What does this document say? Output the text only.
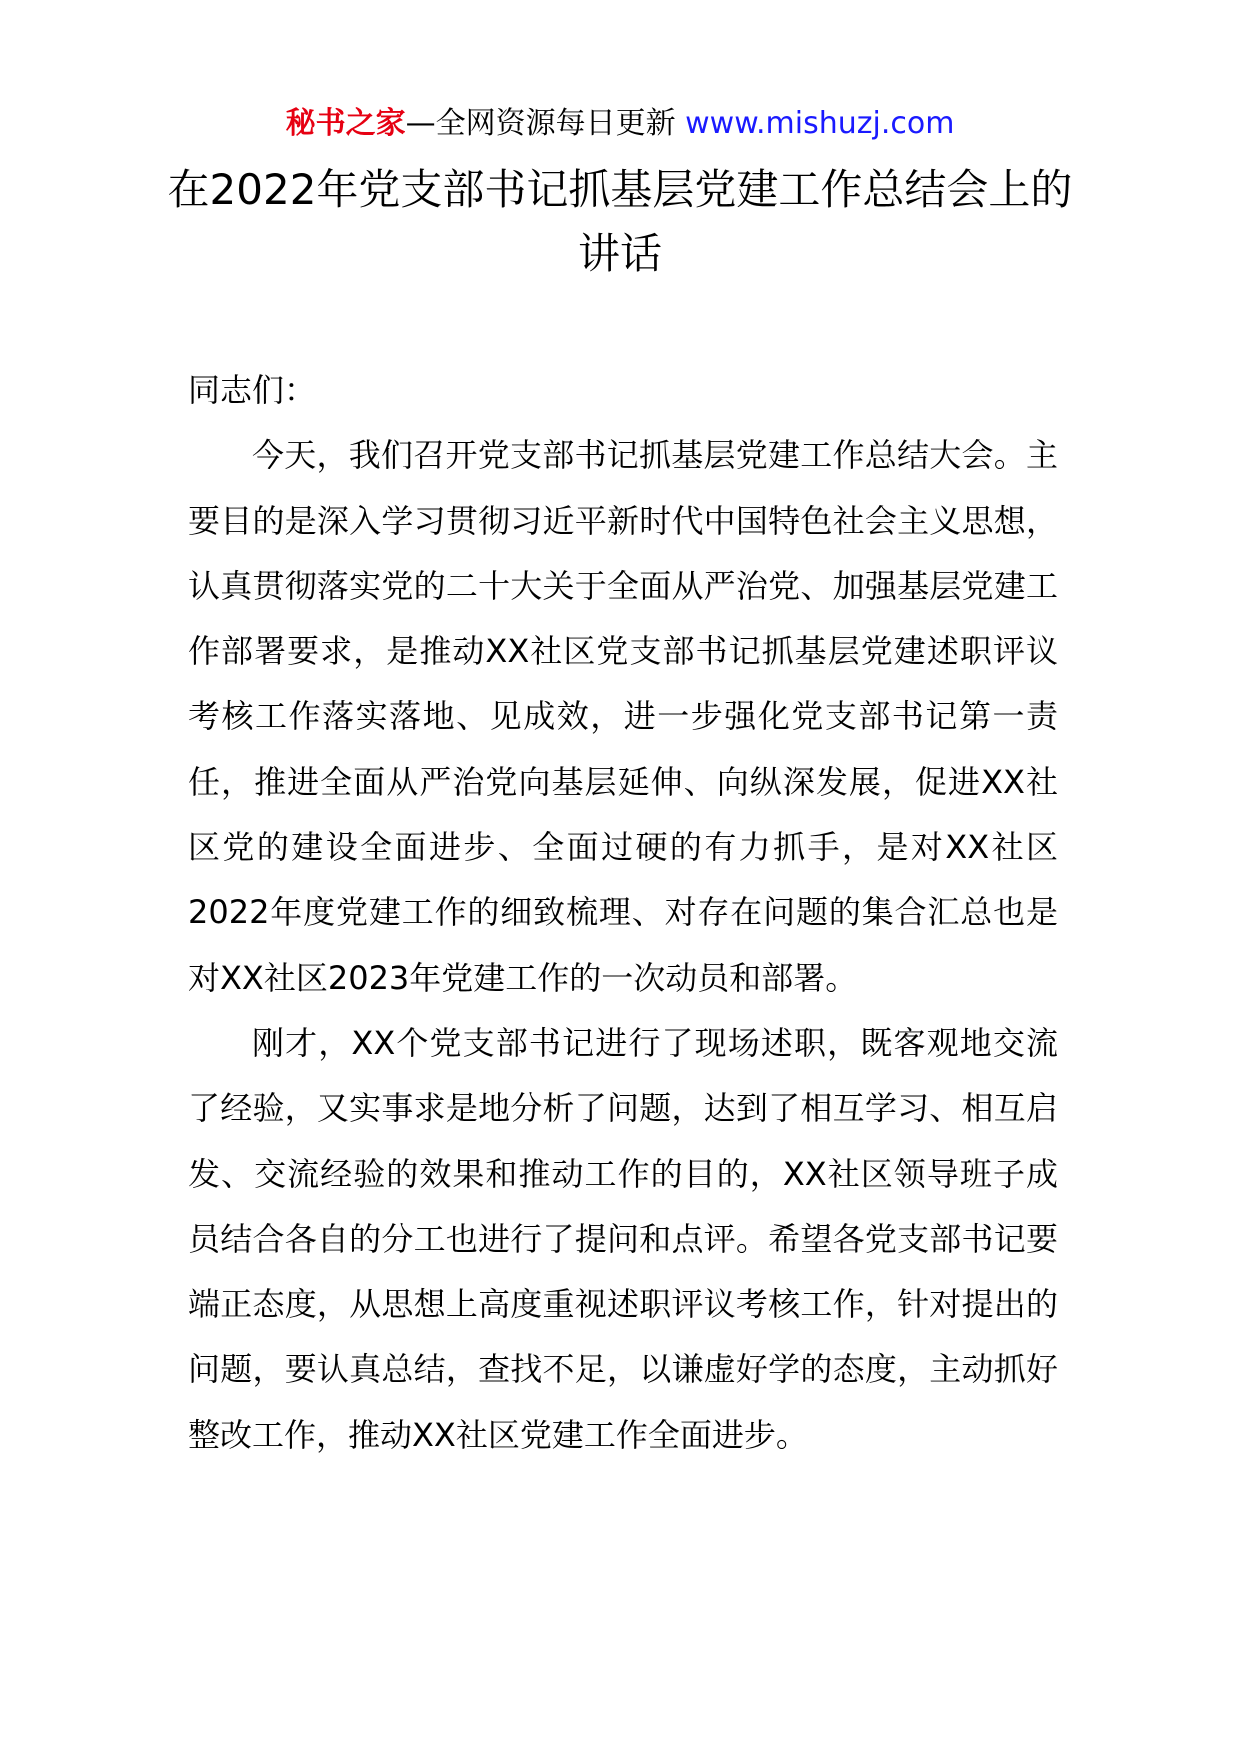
秘书之家—全网资源每日更新 www.mishuzj.com
在2022年党支部书记抓基层党建工作总结会上的讲话

同志们：

今天，我们召开党支部书记抓基层党建工作总结大会。主要目的是深入学习贯彻习近平新时代中国特色社会主义思想，认真贯彻落实党的二十大关于全面从严治党、加强基层党建工作部署要求，是推动XX社区党支部书记抓基层党建述职评议考核工作落实落地、见成效，进一步强化党支部书记第一责任，推进全面从严治党向基层延伸、向纵深发展，促进XX社区党的建设全面进步、全面过硬的有力抓手，是对XX社区2022年度党建工作的细致梳理、对存在问题的集合汇总也是对XX社区2023年党建工作的一次动员和部署。

刚才，XX个党支部书记进行了现场述职，既客观地交流了经验，又实事求是地分析了问题，达到了相互学习、相互启发、交流经验的效果和推动工作的目的，XX社区领导班子成员结合各自的分工也进行了提问和点评。希望各党支部书记要端正态度，从思想上高度重视述职评议考核工作，针对提出的问题，要认真总结，查找不足，以谦虚好学的态度，主动抓好整改工作，推动XX社区党建工作全面进步。
